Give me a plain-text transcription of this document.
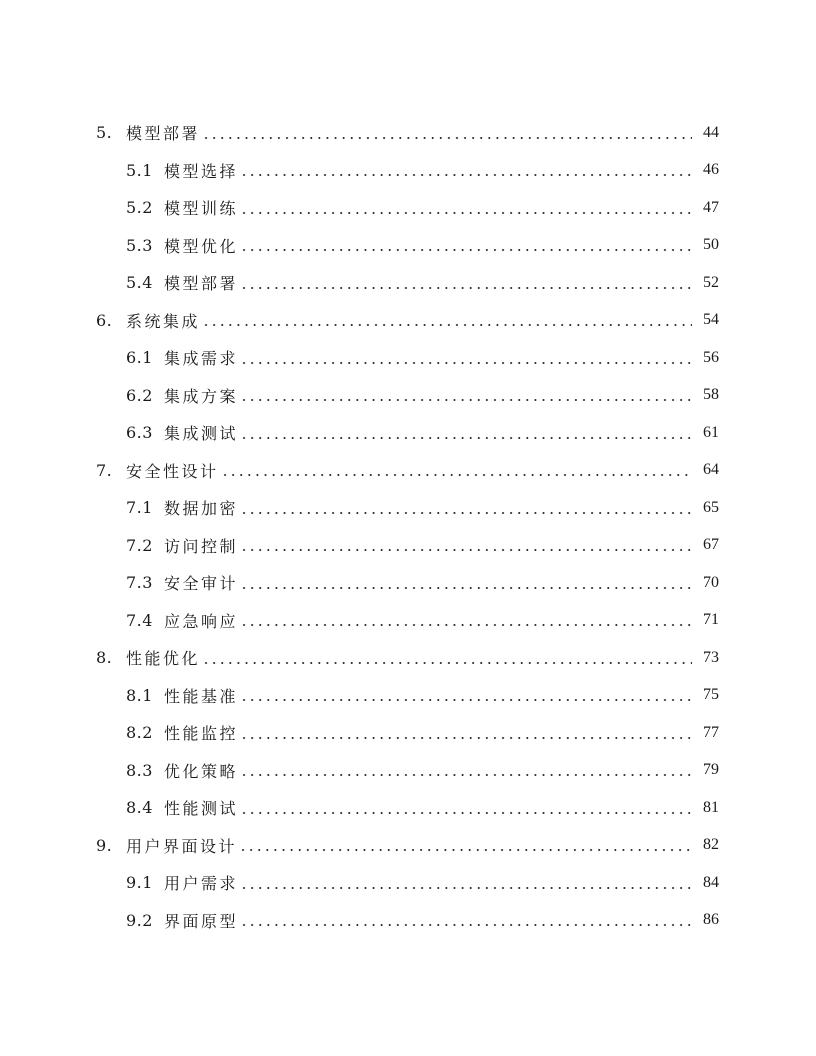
5. 模型部署	44
5.1 模型选择	46
5.2 模型训练	47
5.3 模型优化	50
5.4 模型部署	52
6. 系统集成	54
6.1 集成需求	56
6.2 集成方案	58
6.3 集成测试	61
7. 安全性设计	64
7.1 数据加密	65
7.2 访问控制	67
7.3 安全审计	70
7.4 应急响应	71
8. 性能优化	73
8.1 性能基准	75
8.2 性能监控	77
8.3 优化策略	79
8.4 性能测试	81
9. 用户界面设计	82
9.1 用户需求	84
9.2 界面原型	86
